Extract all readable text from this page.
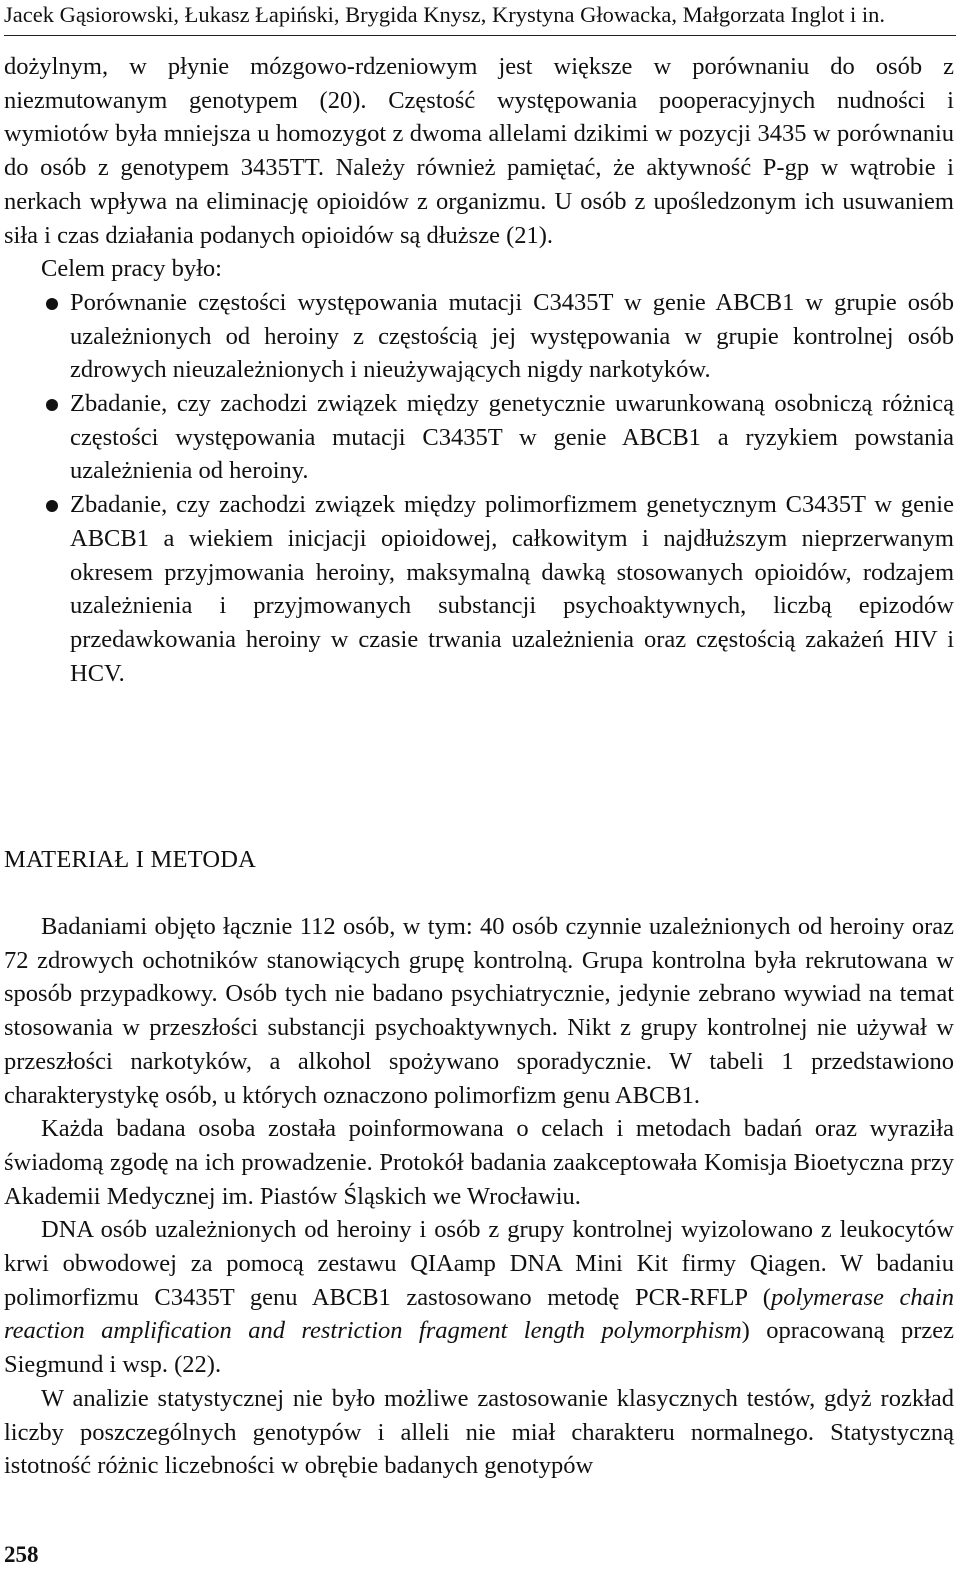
Jacek Gąsiorowski, Łukasz Łapiński, Brygida Knysz, Krystyna Głowacka, Małgorzata Inglot i in.

dożylnym, w płynie mózgowo-rdzeniowym jest większe w porównaniu do osób z niezmutowanym genotypem (20). Częstość występowania pooperacyjnych nudności i wymiotów była mniejsza u homozygot z dwoma allelami dzikimi w pozycji 3435 w porównaniu do osób z genotypem 3435TT. Należy również pamiętać, że aktywność P-gp w wątrobie i nerkach wpływa na eliminację opioidów z organizmu. U osób z upośledzonym ich usuwaniem siła i czas działania podanych opioidów są dłuższe (21).

Celem pracy było:

Porównanie częstości występowania mutacji C3435T w genie ABCB1 w grupie osób uzależnionych od heroiny z częstością jej występowania w grupie kontrolnej osób zdrowych nieuzależnionych i nieużywających nigdy narkotyków.
Zbadanie, czy zachodzi związek między genetycznie uwarunkowaną osobniczą różnicą częstości występowania mutacji C3435T w genie ABCB1 a ryzykiem powstania uzależnienia od heroiny.
Zbadanie, czy zachodzi związek między polimorfizmem genetycznym C3435T w genie ABCB1 a wiekiem inicjacji opioidowej, całkowitym i najdłuższym nieprzerwanym okresem przyjmowania heroiny, maksymalną dawką stosowanych opioidów, rodzajem uzależnienia i przyjmowanych substancji psychoaktywnych, liczbą epizodów przedawkowania heroiny w czasie trwania uzależnienia oraz częstością zakażeń HIV i HCV.
MATERIAŁ I METODA

Badaniami objęto łącznie 112 osób, w tym: 40 osób czynnie uzależnionych od heroiny oraz 72 zdrowych ochotników stanowiących grupę kontrolną. Grupa kontrolna była rekrutowana w sposób przypadkowy. Osób tych nie badano psychiatrycznie, jedynie zebrano wywiad na temat stosowania w przeszłości substancji psychoaktywnych. Nikt z grupy kontrolnej nie używał w przeszłości narkotyków, a alkohol spożywano sporadycznie. W tabeli 1 przedstawiono charakterystykę osób, u których oznaczono polimorfizm genu ABCB1.

Każda badana osoba została poinformowana o celach i metodach badań oraz wyraziła świadomą zgodę na ich prowadzenie. Protokół badania zaakceptowała Komisja Bioetyczna przy Akademii Medycznej im. Piastów Śląskich we Wrocławiu.

DNA osób uzależnionych od heroiny i osób z grupy kontrolnej wyizolowano z leukocytów krwi obwodowej za pomocą zestawu QIAamp DNA Mini Kit firmy Qiagen. W badaniu polimorfizmu C3435T genu ABCB1 zastosowano metodę PCR-RFLP (polymerase chain reaction amplification and restriction fragment length polymorphism) opracowaną przez Siegmund i wsp. (22).

W analizie statystycznej nie było możliwe zastosowanie klasycznych testów, gdyż rozkład liczby poszczególnych genotypów i alleli nie miał charakteru normalnego. Statystyczną istotność różnic liczebności w obrębie badanych genotypów

258
